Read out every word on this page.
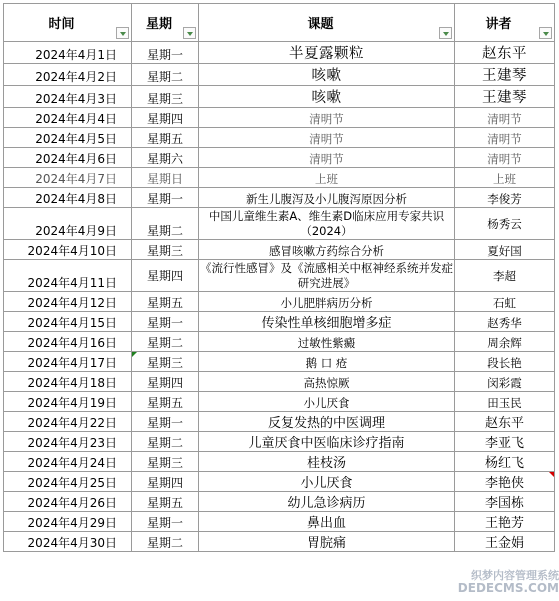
时间	星期	课题	讲者

2024年4月1日	星期一	半夏露颗粒	赵东平
2024年4月2日	星期二	咳嗽	王建琴
2024年4月3日	星期三	咳嗽	王建琴
2024年4月4日	星期四	清明节	清明节
2024年4月5日	星期五	清明节	清明节
2024年4月6日	星期六	清明节	清明节
2024年4月7日	星期日	上班	上班
2024年4月8日	星期一	新生儿腹泻及小儿腹泻原因分析	李俊芳
2024年4月9日	星期二	中国儿童维生素A、维生素D临床应用专家共识（2024）	杨秀云
2024年4月10日	星期三	感冒咳嗽方药综合分析	夏好国
2024年4月11日	星期四	《流行性感冒》及《流感相关中枢神经系统并发症研究进展》	李超
2024年4月12日	星期五	小儿肥胖病历分析	石虹
2024年4月15日	星期一	传染性单核细胞增多症	赵秀华
2024年4月16日	星期二	过敏性紫癜	周余辉
2024年4月17日	星期三	鹅 口 疮	段长艳
2024年4月18日	星期四	高热惊厥	闵彩霞
2024年4月19日	星期五	小儿厌食	田玉民
2024年4月22日	星期一	反复发热的中医调理	赵东平
2024年4月23日	星期二	儿童厌食中医临床诊疗指南	李亚飞
2024年4月24日	星期三	桂枝汤	杨红飞
2024年4月25日	星期四	小儿厌食	李艳侠
2024年4月26日	星期五	幼儿急诊病历	李国栋
2024年4月29日	星期一	鼻出血	王艳芳
2024年4月30日	星期二	胃脘痛	王金娟
织梦内容管理系统
DEDECMS.COM
